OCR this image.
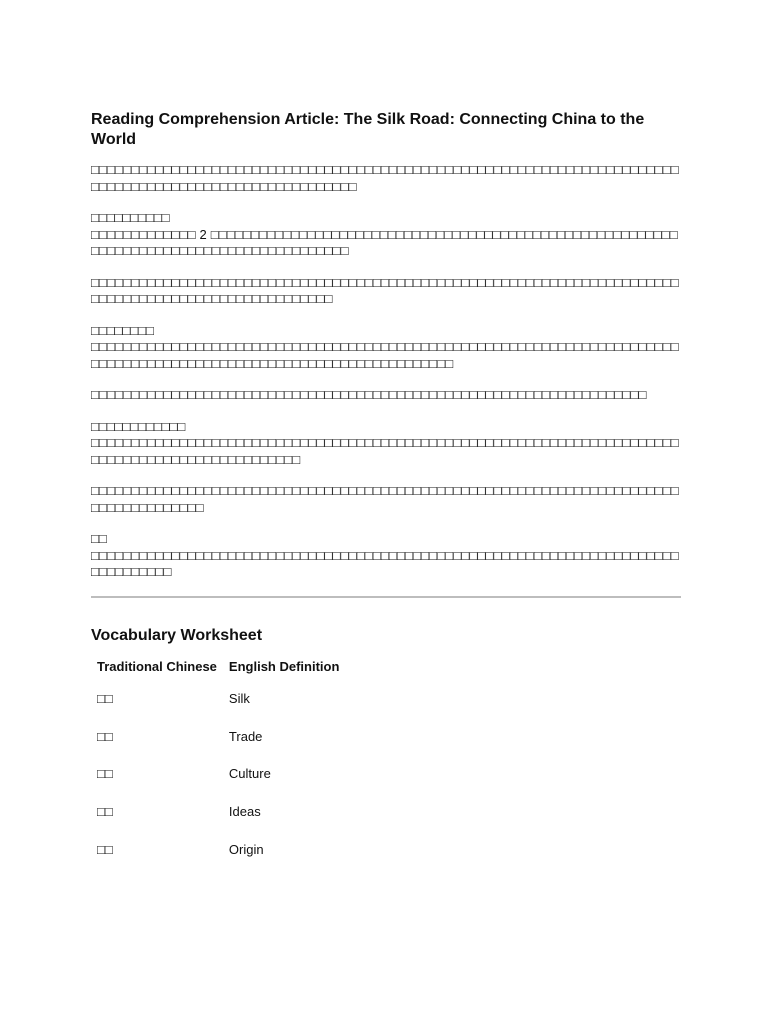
Reading Comprehension Article: The Silk Road: Connecting China to the World

□□□□□□□□□□□□□□□□□□□□□□□□□□□□□□□□□□□□□□□□□□□□□□□□□□□□□□□□□□□□□□□□□□□□□□□□□□□□□□□□□□□□□□□□□□□□□□□□□□□□□□□□□□

□□□□□□□□□□

□□□□□□□□□□□□□ 2 □□□□□□□□□□□□□□□□□□□□□□□□□□□□□□□□□□□□□□□□□□□□□□□□□□□□□□□□□□□□□□□□□□□□□□□□□□□□□□□□□□□□□□□□□□

□□□□□□□□□□□□□□□□□□□□□□□□□□□□□□□□□□□□□□□□□□□□□□□□□□□□□□□□□□□□□□□□□□□□□□□□□□□□□□□□□□□□□□□□□□□□□□□□□□□□□□□

□□□□□□□□

□□□□□□□□□□□□□□□□□□□□□□□□□□□□□□□□□□□□□□□□□□□□□□□□□□□□□□□□□□□□□□□□□□□□□□□□□□□□□□□□□□□□□□□□□□□□□□□□□□□□□□□□□□□□□□□□□□□□□□

□□□□□□□□□□□□□□□□□□□□□□□□□□□□□□□□□□□□□□□□□□□□□□□□□□□□□□□□□□□□□□□□□□□□□

□□□□□□□□□□□□

□□□□□□□□□□□□□□□□□□□□□□□□□□□□□□□□□□□□□□□□□□□□□□□□□□□□□□□□□□□□□□□□□□□□□□□□□□□□□□□□□□□□□□□□□□□□□□□□□□□

□□□□□□□□□□□□□□□□□□□□□□□□□□□□□□□□□□□□□□□□□□□□□□□□□□□□□□□□□□□□□□□□□□□□□□□□□□□□□□□□□□□□□□□

□□

□□□□□□□□□□□□□□□□□□□□□□□□□□□□□□□□□□□□□□□□□□□□□□□□□□□□□□□□□□□□□□□□□□□□□□□□□□□□□□□□□□□

Vocabulary Worksheet
Traditional Chinese	English Definition
□□	Silk
□□	Trade
□□	Culture
□□	Ideas
□□	Origin
